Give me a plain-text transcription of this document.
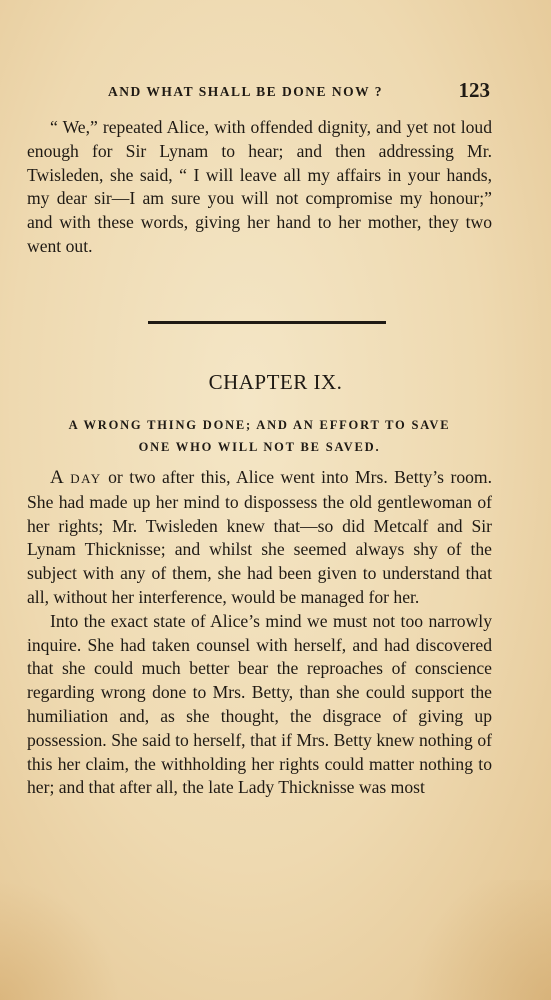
AND WHAT SHALL BE DONE NOW ?	123

“ We,” repeated Alice, with offended dignity, and yet not loud enough for Sir Lynam to hear; and then addressing Mr. Twisleden, she said, “ I will leave all my affairs in your hands, my dear sir—I am sure you will not compromise my honour;” and with these words, giving her hand to her mother, they two went out.

CHAPTER IX.
A WRONG THING DONE; AND AN EFFORT TO SAVE
ONE WHO WILL NOT BE SAVED.

A DAY or two after this, Alice went into Mrs. Betty’s room. She had made up her mind to dispossess the old gentlewoman of her rights; Mr. Twisleden knew that—so did Metcalf and Sir Lynam Thicknisse; and whilst she seemed always shy of the subject with any of them, she had been given to understand that all, without her interference, would be managed for her.

Into the exact state of Alice’s mind we must not too narrowly inquire. She had taken counsel with herself, and had discovered that she could much better bear the reproaches of conscience regarding wrong done to Mrs. Betty, than she could support the humiliation and, as she thought, the disgrace of giving up possession. She said to herself, that if Mrs. Betty knew nothing of this her claim, the withholding her rights could matter nothing to her; and that after all, the late Lady Thicknisse was most
